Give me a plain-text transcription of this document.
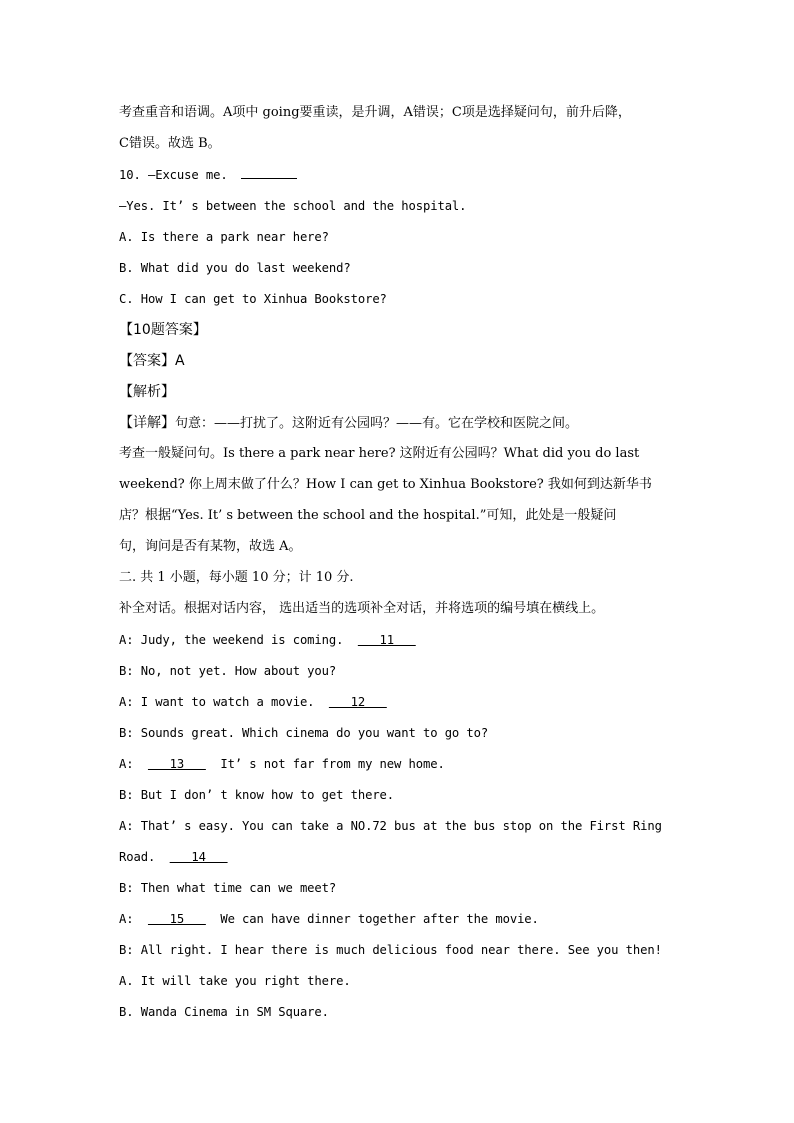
考查重音和语调。A项中 going要重读，是升调，A错误；C项是选择疑问句，前升后降，
C错误。故选 B。
10. —Excuse me.
—Yes. It’ s between the school and the hospital.
A. Is there a park near here?
B. What did you do last weekend?
C. How I can get to Xinhua Bookstore?
【10题答案】
【答案】A
【解析】
【详解】句意：——打扰了。这附近有公园吗？——有。它在学校和医院之间。
考查一般疑问句。Is there a park near here? 这附近有公园吗？What did you do last
weekend? 你上周末做了什么？How I can get to Xinhua Bookstore? 我如何到达新华书
店？根据“Yes. It’ s between the school and the hospital.”可知，此处是一般疑问
句，询问是否有某物，故选 A。
二. 共 1 小题，每小题 10 分；计 10 分.
补全对话。根据对话内容， 选出适当的选项补全对话，并将选项的编号填在横线上。
A: Judy, the weekend is coming.     11
B: No, not yet. How about you?
A: I want to watch a movie.     12
B: Sounds great. Which cinema do you want to go to?
A:     13     It’ s not far from my new home.
B: But I don’ t know how to get there.
A: That’ s easy. You can take a NO.72 bus at the bus stop on the First Ring
Road.     14
B: Then what time can we meet?
A:     15     We can have dinner together after the movie.
B: All right. I hear there is much delicious food near there. See you then!
A. It will take you right there.
B. Wanda Cinema in SM Square.
